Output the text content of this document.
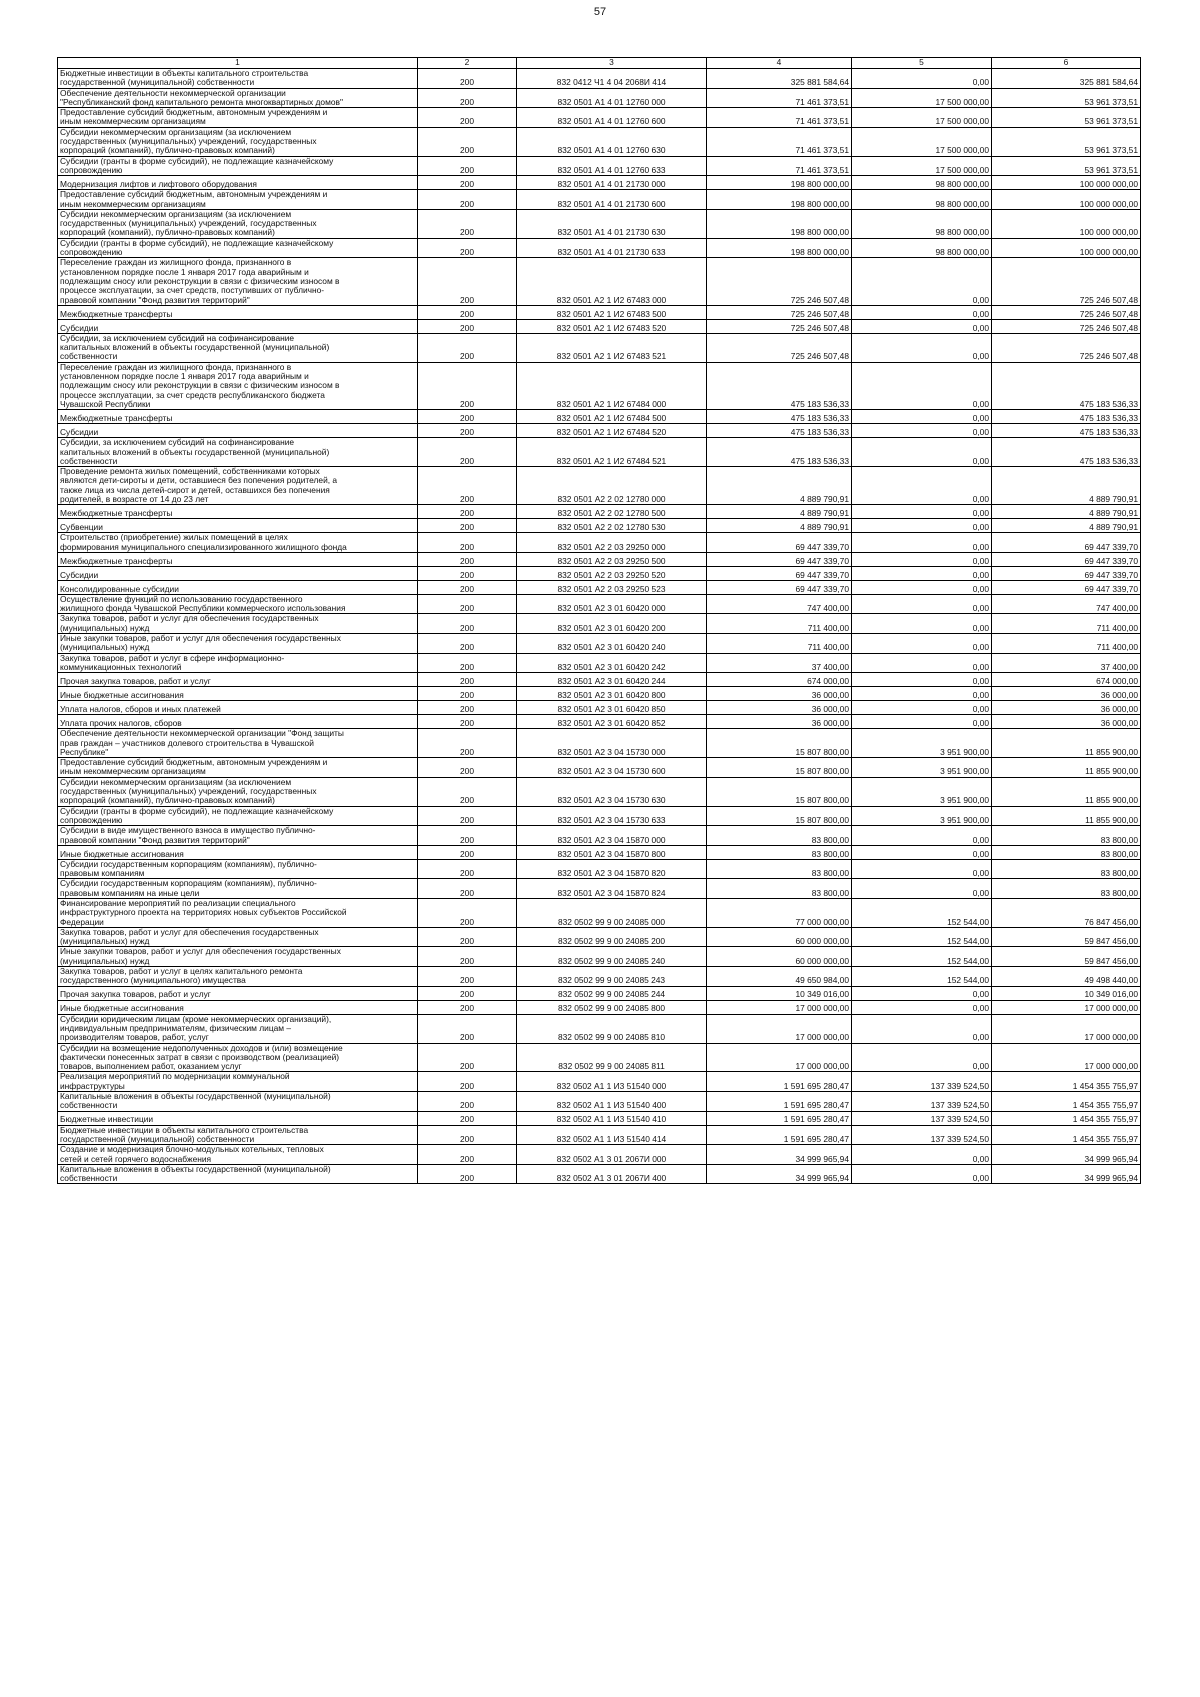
57
1	2	3	4	5	6
Бюджетные инвестиции в объекты капитального строительства
государственной (муниципальной) собственности	200	832 0412 Ч1 4 04 2068И 414	325 881 584,64	0,00	325 881 584,64
Обеспечение деятельности некоммерческой организации
"Республиканский фонд капитального ремонта многоквартирных домов"	200	832 0501 А1 4 01 12760 000	71 461 373,51	17 500 000,00	53 961 373,51
Предоставление субсидий бюджетным, автономным учреждениям и
иным некоммерческим организациям	200	832 0501 А1 4 01 12760 600	71 461 373,51	17 500 000,00	53 961 373,51
Субсидии некоммерческим организациям (за исключением
государственных (муниципальных) учреждений, государственных
корпораций (компаний), публично-правовых компаний)	200	832 0501 А1 4 01 12760 630	71 461 373,51	17 500 000,00	53 961 373,51
Субсидии (гранты в форме субсидий), не подлежащие казначейскому
сопровождению	200	832 0501 А1 4 01 12760 633	71 461 373,51	17 500 000,00	53 961 373,51
Модернизация лифтов и лифтового оборудования	200	832 0501 А1 4 01 21730 000	198 800 000,00	98 800 000,00	100 000 000,00
Предоставление субсидий бюджетным, автономным учреждениям и
иным некоммерческим организациям	200	832 0501 А1 4 01 21730 600	198 800 000,00	98 800 000,00	100 000 000,00
Субсидии некоммерческим организациям (за исключением
государственных (муниципальных) учреждений, государственных
корпораций (компаний), публично-правовых компаний)	200	832 0501 А1 4 01 21730 630	198 800 000,00	98 800 000,00	100 000 000,00
Субсидии (гранты в форме субсидий), не подлежащие казначейскому
сопровождению	200	832 0501 А1 4 01 21730 633	198 800 000,00	98 800 000,00	100 000 000,00
Переселение граждан из жилищного фонда, признанного в
установленном порядке после 1 января 2017 года аварийным и
подлежащим сносу или реконструкции в связи с физическим износом в
процессе эксплуатации, за счет средств, поступивших от публично-
правовой компании "Фонд развития территорий"	200	832 0501 А2 1 И2 67483 000	725 246 507,48	0,00	725 246 507,48
Межбюджетные трансферты	200	832 0501 А2 1 И2 67483 500	725 246 507,48	0,00	725 246 507,48
Субсидии	200	832 0501 А2 1 И2 67483 520	725 246 507,48	0,00	725 246 507,48
Субсидии, за исключением субсидий на софинансирование
капитальных вложений в объекты государственной (муниципальной)
собственности	200	832 0501 А2 1 И2 67483 521	725 246 507,48	0,00	725 246 507,48
Переселение граждан из жилищного фонда, признанного в
установленном порядке после 1 января 2017 года аварийным и
подлежащим сносу или реконструкции в связи с физическим износом в
процессе эксплуатации, за счет средств республиканского бюджета
Чувашской Республики	200	832 0501 А2 1 И2 67484 000	475 183 536,33	0,00	475 183 536,33
Межбюджетные трансферты	200	832 0501 А2 1 И2 67484 500	475 183 536,33	0,00	475 183 536,33
Субсидии	200	832 0501 А2 1 И2 67484 520	475 183 536,33	0,00	475 183 536,33
Субсидии, за исключением субсидий на софинансирование
капитальных вложений в объекты государственной (муниципальной)
собственности	200	832 0501 А2 1 И2 67484 521	475 183 536,33	0,00	475 183 536,33
Проведение ремонта жилых помещений, собственниками которых
являются дети-сироты и дети, оставшиеся без попечения родителей, а
также лица из числа детей-сирот и детей, оставшихся без попечения
родителей, в возрасте от 14 до 23 лет	200	832 0501 А2 2 02 12780 000	4 889 790,91	0,00	4 889 790,91
Межбюджетные трансферты	200	832 0501 А2 2 02 12780 500	4 889 790,91	0,00	4 889 790,91
Субвенции	200	832 0501 А2 2 02 12780 530	4 889 790,91	0,00	4 889 790,91
Строительство (приобретение) жилых помещений в целях
формирования муниципального специализированного жилищного фонда	200	832 0501 А2 2 03 29250 000	69 447 339,70	0,00	69 447 339,70
Межбюджетные трансферты	200	832 0501 А2 2 03 29250 500	69 447 339,70	0,00	69 447 339,70
Субсидии	200	832 0501 А2 2 03 29250 520	69 447 339,70	0,00	69 447 339,70
Консолидированные субсидии	200	832 0501 А2 2 03 29250 523	69 447 339,70	0,00	69 447 339,70
Осуществление функций по использованию государственного
жилищного фонда Чувашской Республики коммерческого использования	200	832 0501 А2 3 01 60420 000	747 400,00	0,00	747 400,00
Закупка товаров, работ и услуг для обеспечения государственных
(муниципальных) нужд	200	832 0501 А2 3 01 60420 200	711 400,00	0,00	711 400,00
Иные закупки товаров, работ и услуг для обеспечения государственных
(муниципальных) нужд	200	832 0501 А2 3 01 60420 240	711 400,00	0,00	711 400,00
Закупка товаров, работ и услуг в сфере информационно-
коммуникационных технологий	200	832 0501 А2 3 01 60420 242	37 400,00	0,00	37 400,00
Прочая закупка товаров, работ и услуг	200	832 0501 А2 3 01 60420 244	674 000,00	0,00	674 000,00
Иные бюджетные ассигнования	200	832 0501 А2 3 01 60420 800	36 000,00	0,00	36 000,00
Уплата налогов, сборов и иных платежей	200	832 0501 А2 3 01 60420 850	36 000,00	0,00	36 000,00
Уплата прочих налогов, сборов	200	832 0501 А2 3 01 60420 852	36 000,00	0,00	36 000,00
Обеспечение деятельности некоммерческой организации "Фонд защиты
прав граждан – участников долевого строительства в Чувашской
Республике"	200	832 0501 А2 3 04 15730 000	15 807 800,00	3 951 900,00	11 855 900,00
Предоставление субсидий бюджетным, автономным учреждениям и
иным некоммерческим организациям	200	832 0501 А2 3 04 15730 600	15 807 800,00	3 951 900,00	11 855 900,00
Субсидии некоммерческим организациям (за исключением
государственных (муниципальных) учреждений, государственных
корпораций (компаний), публично-правовых компаний)	200	832 0501 А2 3 04 15730 630	15 807 800,00	3 951 900,00	11 855 900,00
Субсидии (гранты в форме субсидий), не подлежащие казначейскому
сопровождению	200	832 0501 А2 3 04 15730 633	15 807 800,00	3 951 900,00	11 855 900,00
Субсидии в виде имущественного взноса в имущество публично-
правовой компании "Фонд развития территорий"	200	832 0501 А2 3 04 15870 000	83 800,00	0,00	83 800,00
Иные бюджетные ассигнования	200	832 0501 А2 3 04 15870 800	83 800,00	0,00	83 800,00
Субсидии государственным корпорациям (компаниям), публично-
правовым компаниям	200	832 0501 А2 3 04 15870 820	83 800,00	0,00	83 800,00
Субсидии государственным корпорациям (компаниям), публично-
правовым компаниям на иные цели	200	832 0501 А2 3 04 15870 824	83 800,00	0,00	83 800,00
Финансирование мероприятий по реализации специального
инфраструктурного проекта на территориях новых субъектов Российской
Федерации	200	832 0502 99 9 00 24085 000	77 000 000,00	152 544,00	76 847 456,00
Закупка товаров, работ и услуг для обеспечения государственных
(муниципальных) нужд	200	832 0502 99 9 00 24085 200	60 000 000,00	152 544,00	59 847 456,00
Иные закупки товаров, работ и услуг для обеспечения государственных
(муниципальных) нужд	200	832 0502 99 9 00 24085 240	60 000 000,00	152 544,00	59 847 456,00
Закупка товаров, работ и услуг в целях капитального ремонта
государственного (муниципального) имущества	200	832 0502 99 9 00 24085 243	49 650 984,00	152 544,00	49 498 440,00
Прочая закупка товаров, работ и услуг	200	832 0502 99 9 00 24085 244	10 349 016,00	0,00	10 349 016,00
Иные бюджетные ассигнования	200	832 0502 99 9 00 24085 800	17 000 000,00	0,00	17 000 000,00
Субсидии юридическим лицам (кроме некоммерческих организаций),
индивидуальным предпринимателям, физическим лицам –
производителям товаров, работ, услуг	200	832 0502 99 9 00 24085 810	17 000 000,00	0,00	17 000 000,00
Субсидии на возмещение недополученных доходов и (или) возмещение
фактически понесенных затрат в связи с производством (реализацией)
товаров, выполнением работ, оказанием услуг	200	832 0502 99 9 00 24085 811	17 000 000,00	0,00	17 000 000,00
Реализация мероприятий по модернизации коммунальной
инфраструктуры	200	832 0502 А1 1 И3 51540 000	1 591 695 280,47	137 339 524,50	1 454 355 755,97
Капитальные вложения в объекты государственной (муниципальной)
собственности	200	832 0502 А1 1 И3 51540 400	1 591 695 280,47	137 339 524,50	1 454 355 755,97
Бюджетные инвестиции	200	832 0502 А1 1 И3 51540 410	1 591 695 280,47	137 339 524,50	1 454 355 755,97
Бюджетные инвестиции в объекты капитального строительства
государственной (муниципальной) собственности	200	832 0502 А1 1 И3 51540 414	1 591 695 280,47	137 339 524,50	1 454 355 755,97
Создание и модернизация блочно-модульных котельных, тепловых
сетей и сетей горячего водоснабжения	200	832 0502 А1 3 01 2067И 000	34 999 965,94	0,00	34 999 965,94
Капитальные вложения в объекты государственной (муниципальной)
собственности	200	832 0502 А1 3 01 2067И 400	34 999 965,94	0,00	34 999 965,94
